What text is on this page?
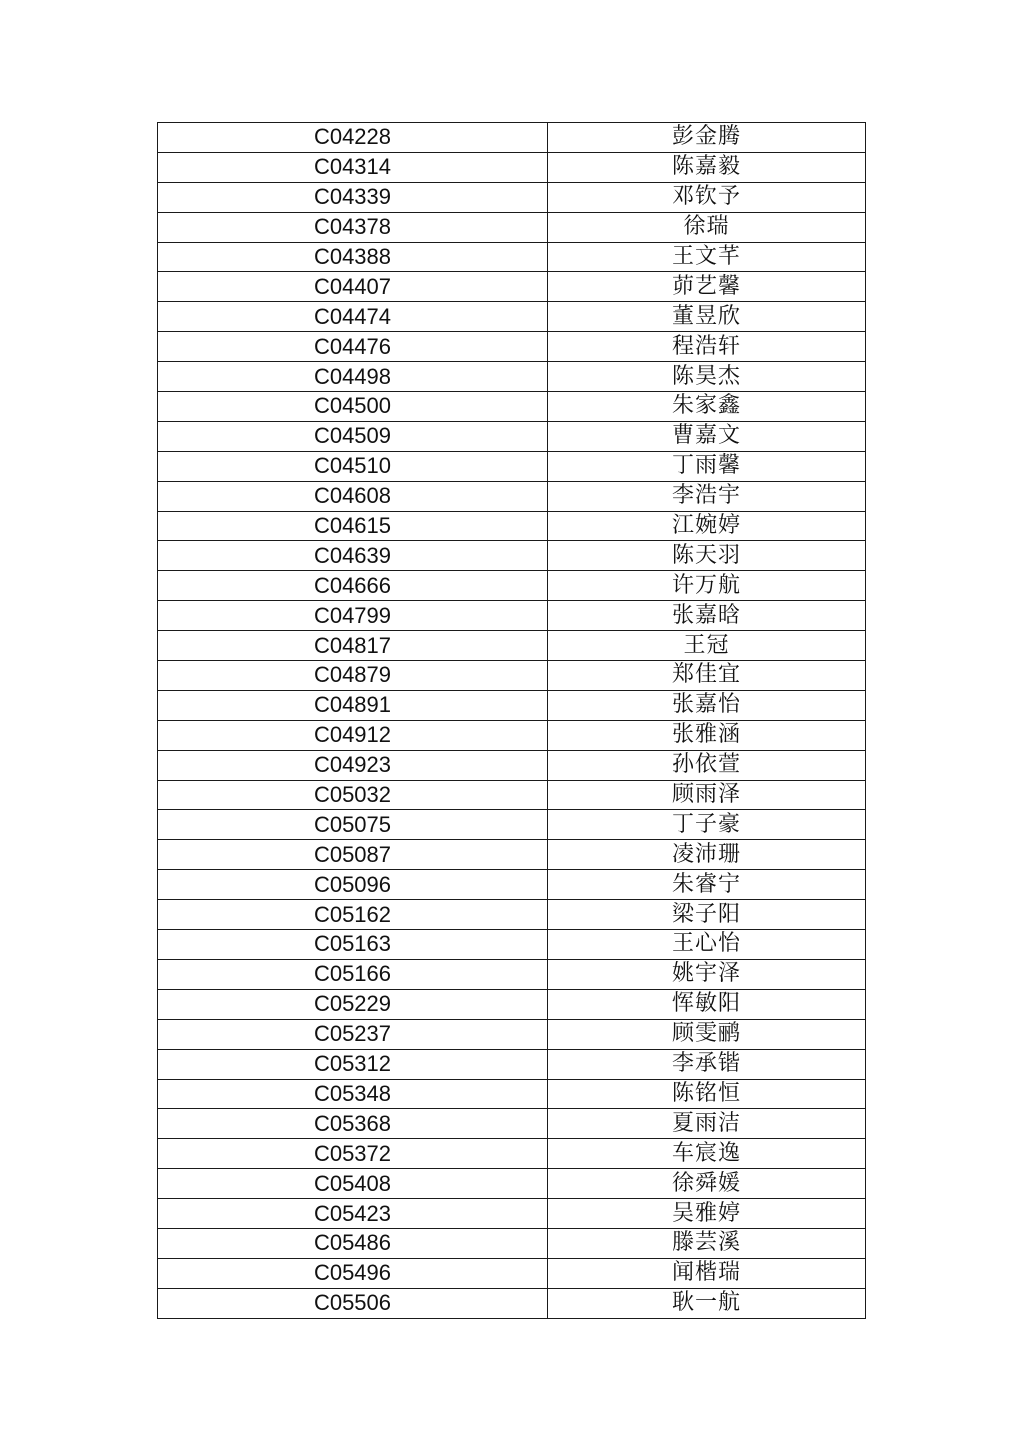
C04228	彭金腾
C04314	陈嘉毅
C04339	邓钦予
C04378	徐瑞
C04388	王文芊
C04407	茆艺馨
C04474	董昱欣
C04476	程浩轩
C04498	陈昊杰
C04500	朱家鑫
C04509	曹嘉文
C04510	丁雨馨
C04608	李浩宇
C04615	江婉婷
C04639	陈天羽
C04666	许万航
C04799	张嘉晗
C04817	王冠
C04879	郑佳宜
C04891	张嘉怡
C04912	张雅涵
C04923	孙依萱
C05032	顾雨泽
C05075	丁子豪
C05087	凌沛珊
C05096	朱睿宁
C05162	梁子阳
C05163	王心怡
C05166	姚宇泽
C05229	恽敏阳
C05237	顾雯鹂
C05312	李承锴
C05348	陈铭恒
C05368	夏雨洁
C05372	车宸逸
C05408	徐舜媛
C05423	吴雅婷
C05486	滕芸溪
C05496	闻楷瑞
C05506	耿一航
